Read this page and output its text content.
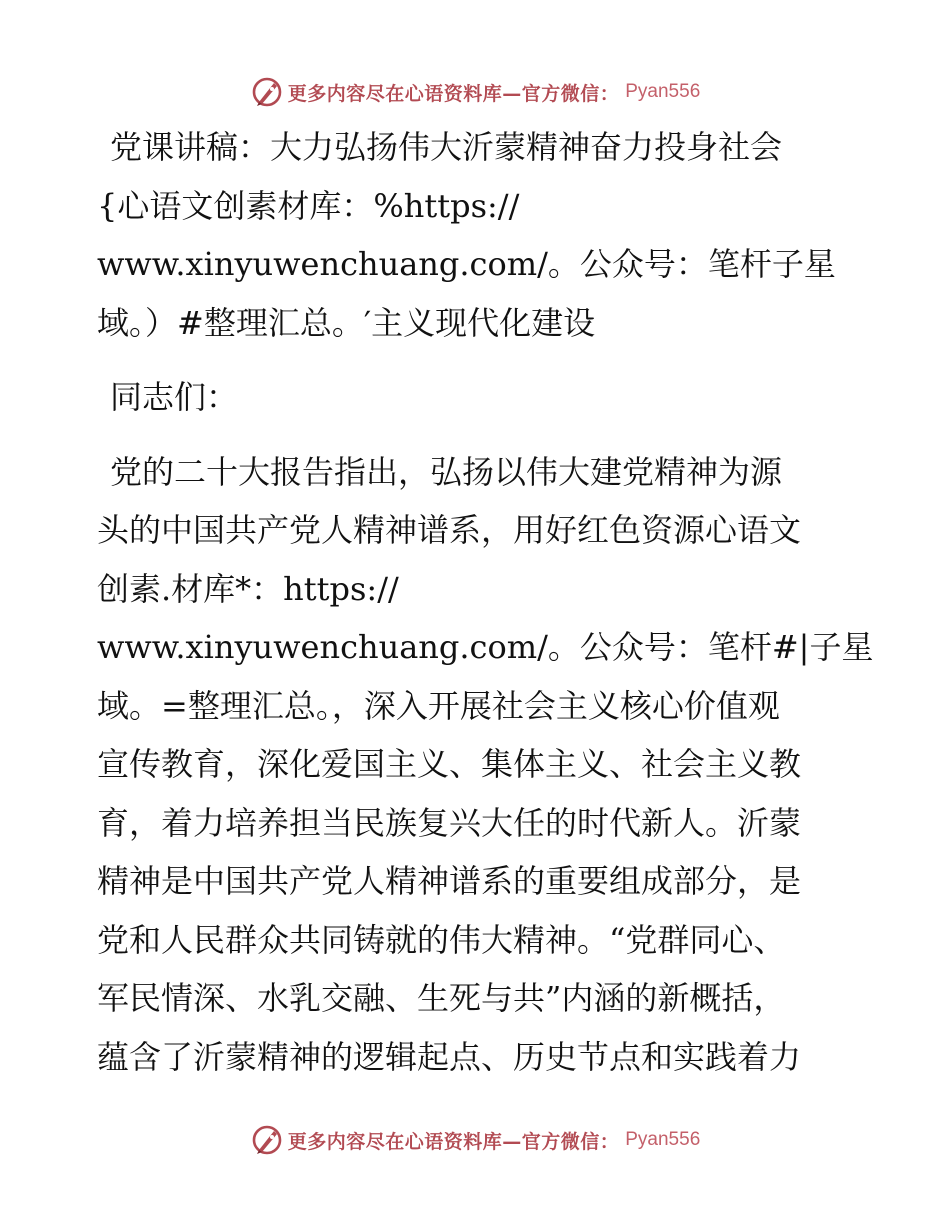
更多内容尽在心语资料库—官方微信： Pyan556

党课讲稿：大力弘扬伟大沂蒙精神奋力投身社会

{心语文创素材库：%https://

www.xinyuwenchuang.com/。公众号：笔杆子星

域。）#整理汇总。′主义现代化建设

同志们：

党的二十大报告指出，弘扬以伟大建党精神为源

头的中国共产党人精神谱系，用好红色资源心语文

创素.材库*：https://

www.xinyuwenchuang.com/。公众号：笔杆#|子星

域。=整理汇总。，深入开展社会主义核心价值观

宣传教育，深化爱国主义、集体主义、社会主义教

育，着力培养担当民族复兴大任的时代新人。沂蒙

精神是中国共产党人精神谱系的重要组成部分，是

党和人民群众共同铸就的伟大精神。“党群同心、

军民情深、水乳交融、生死与共”内涵的新概括，

蕴含了沂蒙精神的逻辑起点、历史节点和实践着力

更多内容尽在心语资料库—官方微信： Pyan556
